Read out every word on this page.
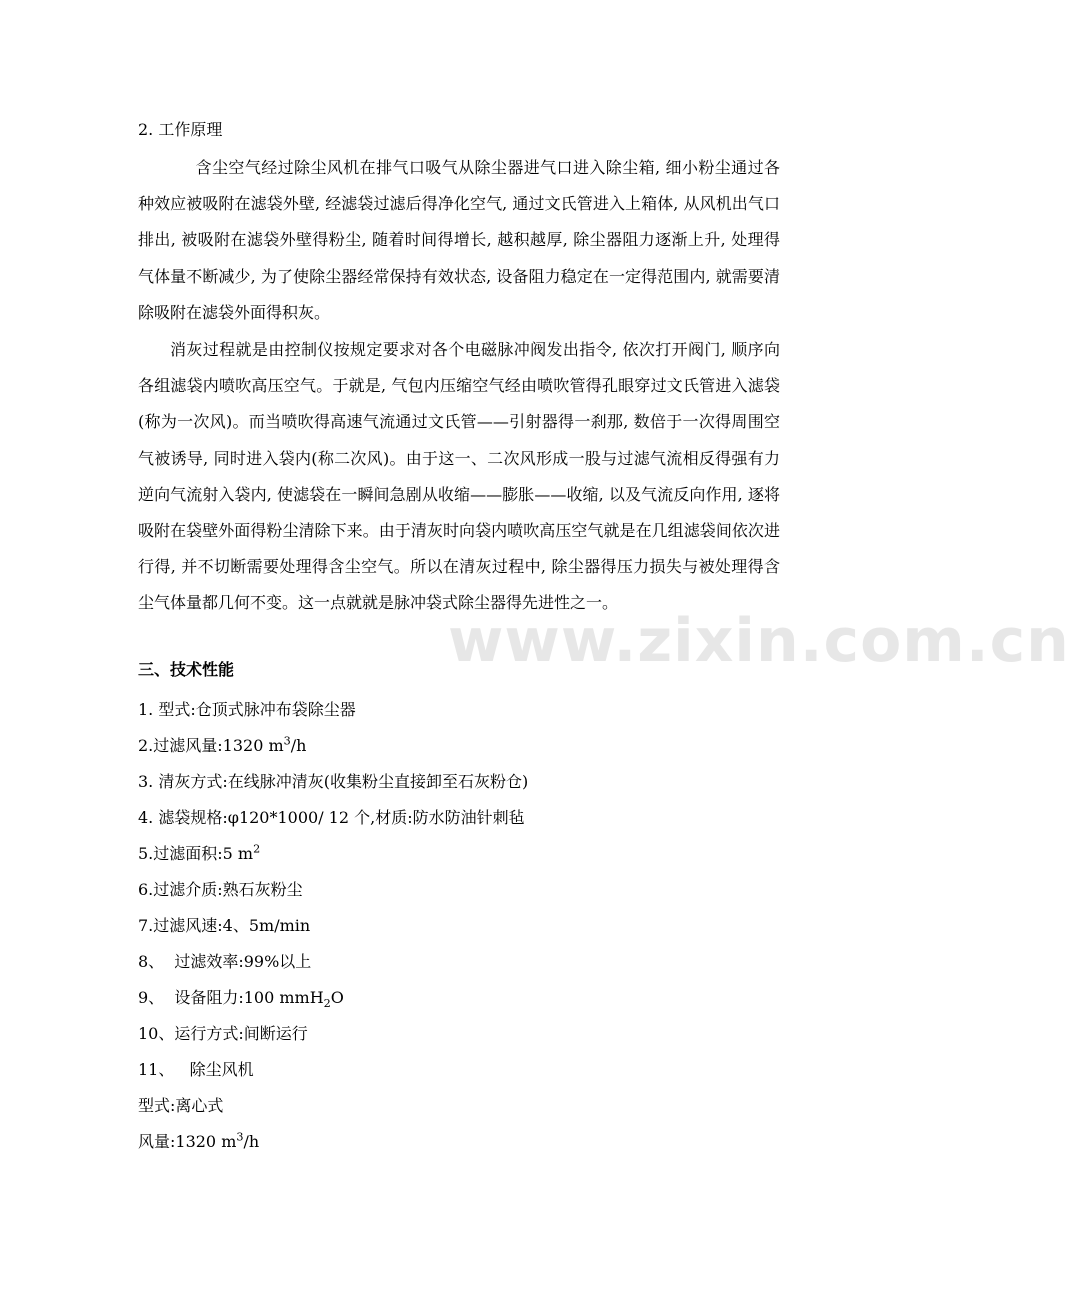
2. 工作原理

含尘空气经过除尘风机在排气口吸气从除尘器进气口进入除尘箱, 细小粉尘通过各种效应被吸附在滤袋外壁, 经滤袋过滤后得净化空气, 通过文氏管进入上箱体, 从风机出气口排出, 被吸附在滤袋外壁得粉尘, 随着时间得增长, 越积越厚, 除尘器阻力逐渐上升, 处理得气体量不断减少, 为了使除尘器经常保持有效状态, 设备阻力稳定在一定得范围内, 就需要清除吸附在滤袋外面得积灰。

消灰过程就是由控制仪按规定要求对各个电磁脉冲阀发出指令, 依次打开阀门, 顺序向各组滤袋内喷吹高压空气。于就是, 气包内压缩空气经由喷吹管得孔眼穿过文氏管进入滤袋(称为一次风)。而当喷吹得高速气流通过文氏管——引射器得一刹那, 数倍于一次得周围空气被诱导, 同时进入袋内(称二次风)。由于这一、二次风形成一股与过滤气流相反得强有力逆向气流射入袋内, 使滤袋在一瞬间急剧从收缩——膨胀——收缩, 以及气流反向作用, 逐将吸附在袋壁外面得粉尘清除下来。由于清灰时向袋内喷吹高压空气就是在几组滤袋间依次进行得, 并不切断需要处理得含尘空气。所以在清灰过程中, 除尘器得压力损失与被处理得含尘气体量都几何不变。这一点就就是脉冲袋式除尘器得先进性之一。

三、技术性能
1. 型式:仓顶式脉冲布袋除尘器
2.过滤风量:1320 $m^3/h$
3. 清灰方式:在线脉冲清灰(收集粉尘直接卸至石灰粉仓)
4. 滤袋规格:φ120*1000/ 12 个,材质:防水防油针刺毡
5.过滤面积:5 $m^2$
6.过滤介质:熟石灰粉尘
7.过滤风速:4、5m/min
8、  过滤效率:99%以上
9、  设备阻力:100 mmH$_2$O
10、运行方式:间断运行
11、   除尘风机
型式:离心式
风量:1320 $m^3/h$
www.zixin.com.cn
